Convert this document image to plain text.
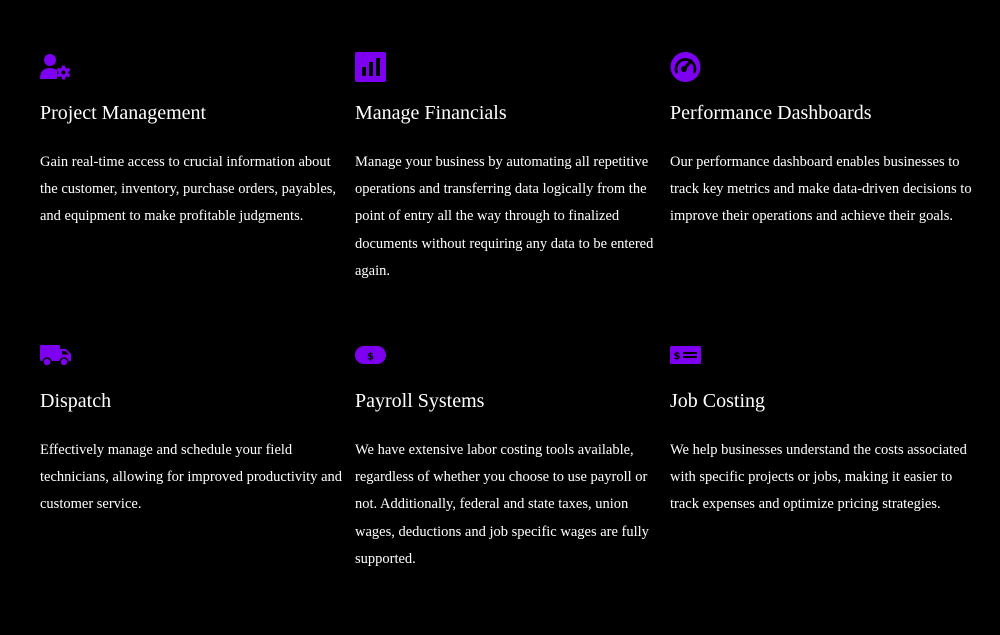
Project Management

Gain real-time access to crucial information about the customer, inventory, purchase orders, payables, and equipment to make profitable judgments.

Manage Financials

Manage your business by automating all repetitive operations and transferring data logically from the point of entry all the way through to finalized documents without requiring any data to be entered again.

Performance Dashboards

Our performance dashboard enables businesses to track key metrics and make data-driven decisions to improve their operations and achieve their goals.

Dispatch

Effectively manage and schedule your field technicians, allowing for improved productivity and customer service.

$
Payroll Systems

We have extensive labor costing tools available, regardless of whether you choose to use payroll or not. Additionally, federal and state taxes, union wages, deductions and job specific wages are fully supported.

$
Job Costing

We help businesses understand the costs associated with specific projects or jobs, making it easier to track expenses and optimize pricing strategies.
